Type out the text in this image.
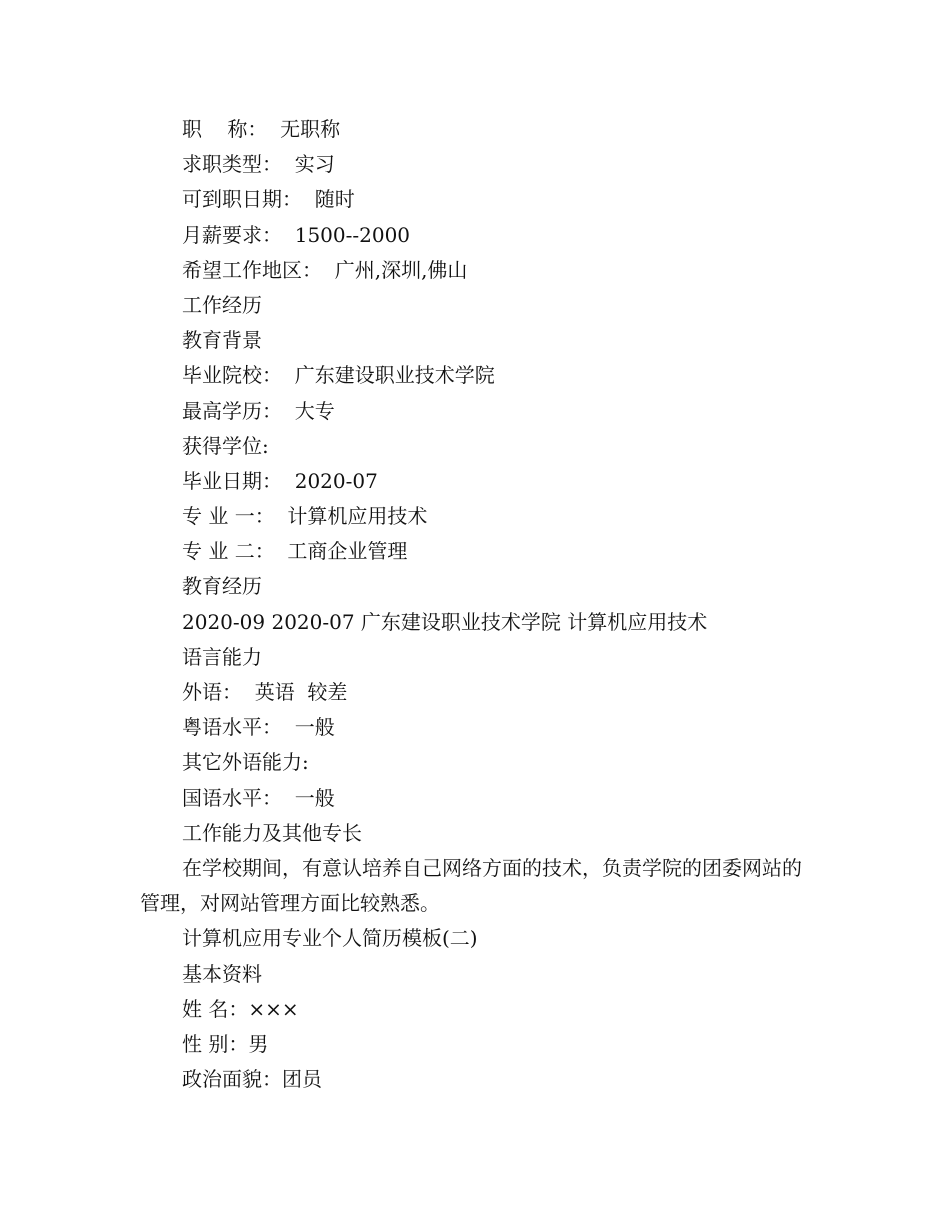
职    称：  无职称
求职类型：  实习
可到职日期：  随时
月薪要求：  1500--2000
希望工作地区：  广州,深圳,佛山
工作经历
教育背景
毕业院校：  广东建设职业技术学院
最高学历：  大专
获得学位:
毕业日期：  2020-07
专 业 一：  计算机应用技术
专 业 二：  工商企业管理
教育经历
2020-09 2020-07 广东建设职业技术学院 计算机应用技术
语言能力
外语：  英语  较差
粤语水平：  一般
其它外语能力:
国语水平：  一般
工作能力及其他专长
在学校期间，有意认培养自己网络方面的技术，负责学院的团委网站的管理，对网站管理方面比较熟悉。
计算机应用专业个人简历模板(二)
基本资料
姓 名：×××
性 别：男
政治面貌：团员
